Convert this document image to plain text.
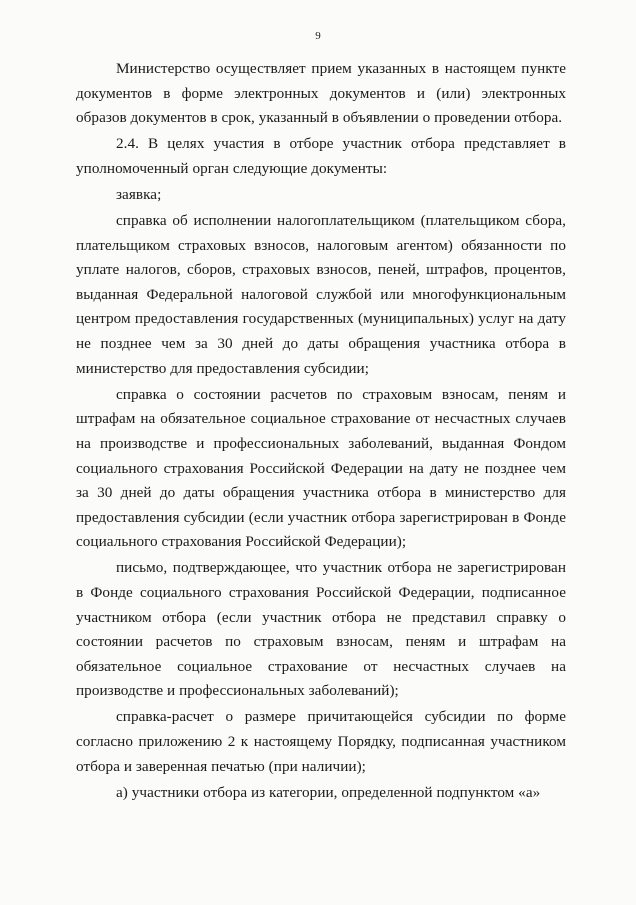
9

Министерство осуществляет прием указанных в настоящем пункте документов в форме электронных документов и (или) электронных образов документов в срок, указанный в объявлении о проведении отбора.

2.4. В целях участия в отборе участник отбора представляет в уполномоченный орган следующие документы:

заявка;

справка об исполнении налогоплательщиком (плательщиком сбора, плательщиком страховых взносов, налоговым агентом) обязанности по уплате налогов, сборов, страховых взносов, пеней, штрафов, процентов, выданная Федеральной налоговой службой или многофункциональным центром предоставления государственных (муниципальных) услуг на дату не позднее чем за 30 дней до даты обращения участника отбора в министерство для предоставления субсидии;

справка о состоянии расчетов по страховым взносам, пеням и штрафам на обязательное социальное страхование от несчастных случаев на производстве и профессиональных заболеваний, выданная Фондом социального страхования Российской Федерации на дату не позднее чем за 30 дней до даты обращения участника отбора в министерство для предоставления субсидии (если участник отбора зарегистрирован в Фонде социального страхования Российской Федерации);

письмо, подтверждающее, что участник отбора не зарегистрирован в Фонде социального страхования Российской Федерации, подписанное участником отбора (если участник отбора не представил справку о состоянии расчетов по страховым взносам, пеням и штрафам на обязательное социальное страхование от несчастных случаев на производстве и профессиональных заболеваний);

справка-расчет о размере причитающейся субсидии по форме согласно приложению 2 к настоящему Порядку, подписанная участником отбора и заверенная печатью (при наличии);

а) участники отбора из категории, определенной подпунктом «а»
